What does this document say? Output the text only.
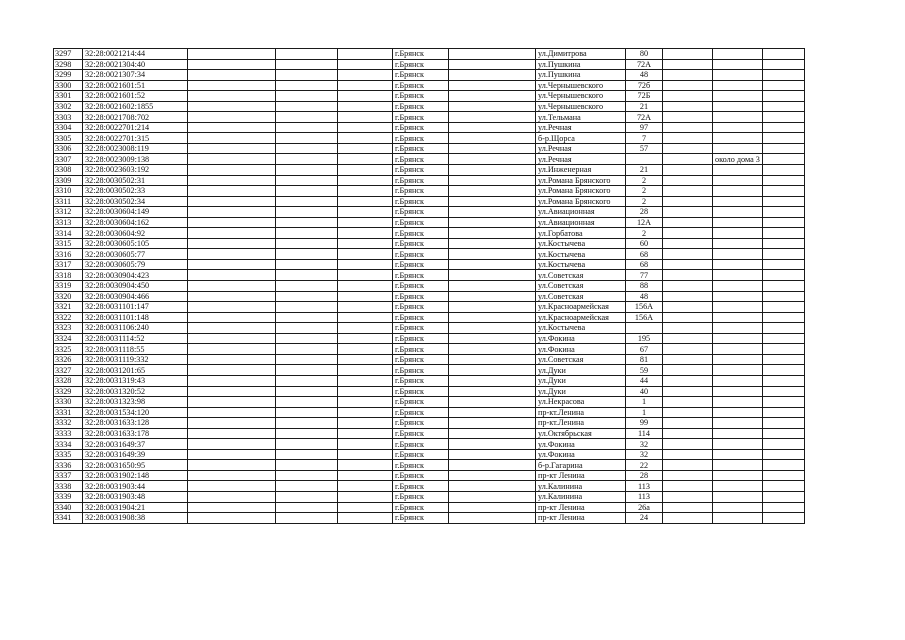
3297	32:28:0021214:44				г.Брянск		ул.Димитрова	80			
3298	32:28:0021304:40				г.Брянск		ул.Пушкина	72А			
3299	32:28:0021307:34				г.Брянск		ул.Пушкина	48			
3300	32:28:0021601:51				г.Брянск		ул.Чернышевского	72б			
3301	32:28:0021601:52				г.Брянск		ул.Чернышевского	72Б			
3302	32:28:0021602:1855				г.Брянск		ул.Чернышевского	21			
3303	32:28:0021708:702				г.Брянск		ул.Тельмана	72А			
3304	32:28:0022701:214				г.Брянск		ул.Речная	97			
3305	32:28:0022701:315				г.Брянск		б-р.Щорса	7			
3306	32:28:0023008:119				г.Брянск		ул.Речная	57			
3307	32:28:0023009:138				г.Брянск		ул.Речная			около дома 3	
3308	32:28:0023603:192				г.Брянск		ул.Инженерная	21			
3309	32:28:0030502:31				г.Брянск		ул.Романа Брянского	2			
3310	32:28:0030502:33				г.Брянск		ул.Романа Брянского	2			
3311	32:28:0030502:34				г.Брянск		ул.Романа Брянского	2			
3312	32:28:0030604:149				г.Брянск		ул.Авиационная	28			
3313	32:28:0030604:162				г.Брянск		ул.Авиационная	12А			
3314	32:28:0030604:92				г.Брянск		ул.Горбатова	2			
3315	32:28:0030605:105				г.Брянск		ул.Костычева	60			
3316	32:28:0030605:77				г.Брянск		ул.Костычева	68			
3317	32:28:0030605:79				г.Брянск		ул.Костычева	68			
3318	32:28:0030904:423				г.Брянск		ул.Советская	77			
3319	32:28:0030904:450				г.Брянск		ул.Советская	88			
3320	32:28:0030904:466				г.Брянск		ул.Советская	48			
3321	32:28:0031101:147				г.Брянск		ул.Красноармейская	156А			
3322	32:28:0031101:148				г.Брянск		ул.Красноармейская	156А			
3323	32:28:0031106:240				г.Брянск		ул.Костычева				
3324	32:28:0031114:52				г.Брянск		ул.Фокина	195			
3325	32:28:0031118:55				г.Брянск		ул.Фокина	67			
3326	32:28:0031119:332				г.Брянск		ул.Советская	81			
3327	32:28:0031201:65				г.Брянск		ул.Дуки	59			
3328	32:28:0031319:43				г.Брянск		ул.Дуки	44			
3329	32:28:0031320:52				г.Брянск		ул.Дуки	40			
3330	32:28:0031323:98				г.Брянск		ул.Некрасова	1			
3331	32:28:0031534:120				г.Брянск		пр-кт.Ленина	1			
3332	32:28:0031633:128				г.Брянск		пр-кт.Ленина	99			
3333	32:28:0031633:178				г.Брянск		ул.Октябрьская	114			
3334	32:28:0031649:37				г.Брянск		ул.Фокина	32			
3335	32:28:0031649:39				г.Брянск		ул.Фокина	32			
3336	32:28:0031650:95				г.Брянск		б-р.Гагарина	22			
3337	32:28:0031902:148				г.Брянск		пр-кт Ленина	28			
3338	32:28:0031903:44				г.Брянск		ул.Калинина	113			
3339	32:28:0031903:48				г.Брянск		ул.Калинина	113			
3340	32:28:0031904:21				г.Брянск		пр-кт Ленина	26а			
3341	32:28:0031908:38				г.Брянск		пр-кт Ленина	24			
